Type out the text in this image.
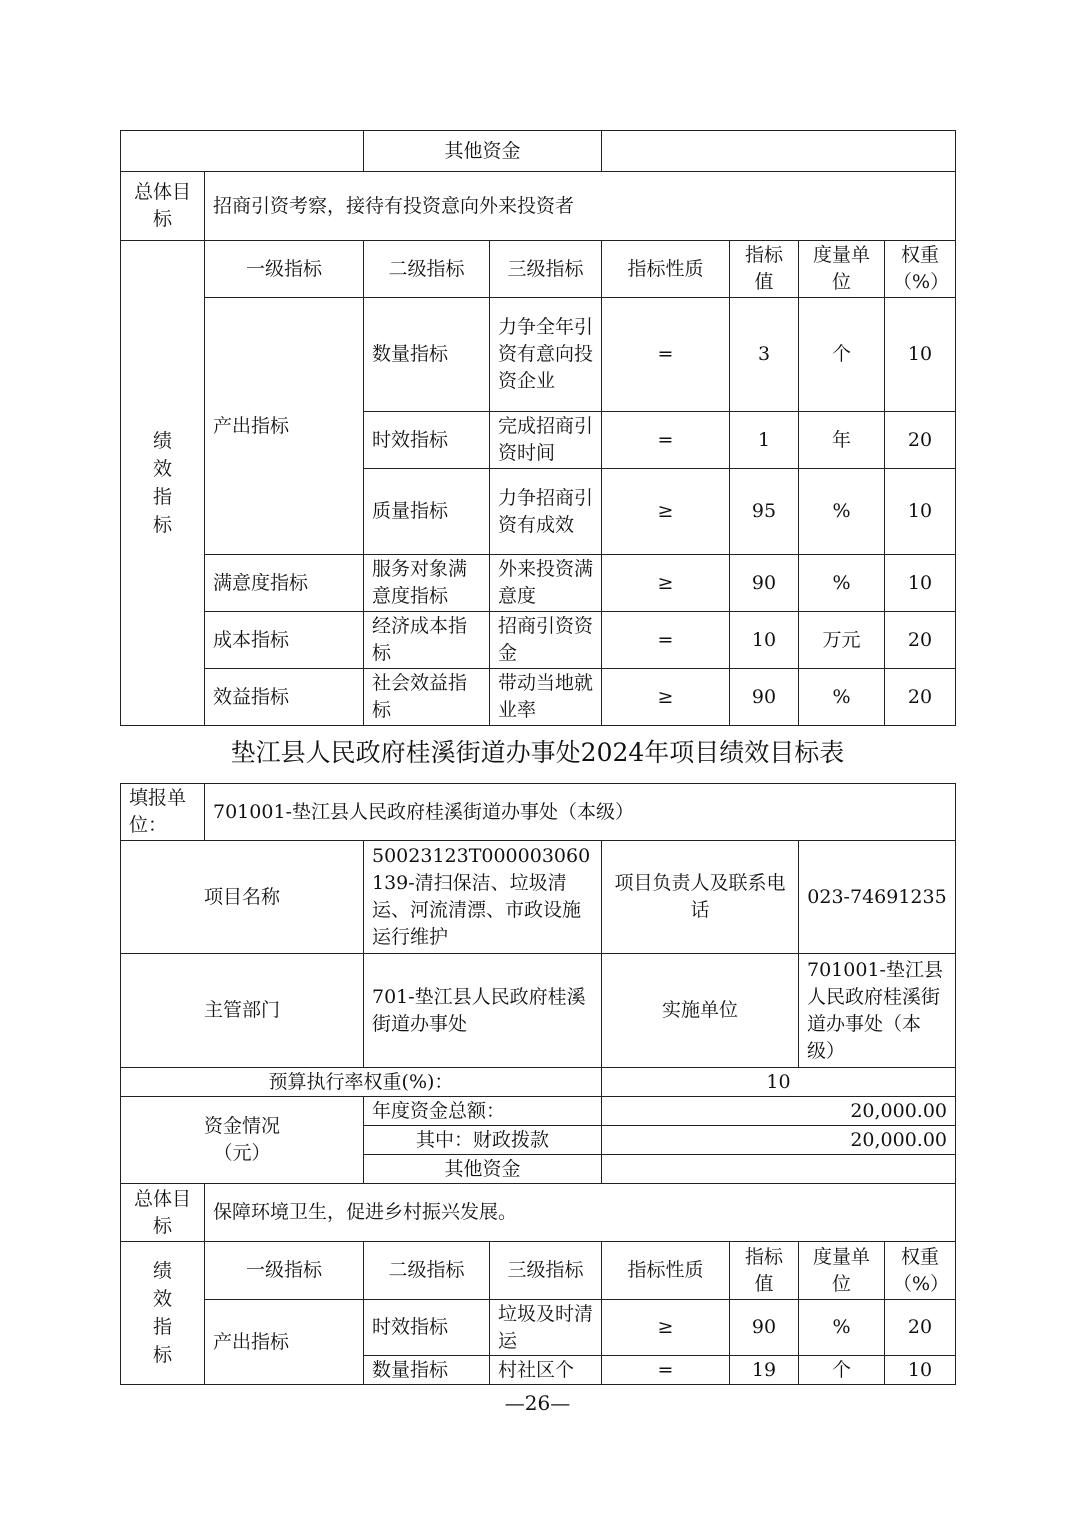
		其他资金					
总体目标	招商引资考察，接待有投资意向外来投资者						
绩效指标	一级指标	二级指标	三级指标	指标性质	指标值	度量单位	权重（%）
	产出指标	数量指标	力争全年引资有意向投资企业	=	3	个	10
		时效指标	完成招商引资时间	=	1	年	20
		质量指标	力争招商引资有成效	≥	95	%	10
	满意度指标	服务对象满意度指标	外来投资满意度	≥	90	%	10
	成本指标	经济成本指标	招商引资资金	=	10	万元	20
	效益指标	社会效益指标	带动当地就业率	≥	90	%	20
垫江县人民政府桂溪街道办事处2024年项目绩效目标表
填报单位：	701001-垫江县人民政府桂溪街道办事处（本级）						
项目名称		50023123T000003060139-清扫保洁、垃圾清运、河流清漂、市政设施运行维护		项目负责人及联系电话		023-74691235	
主管部门		701-垫江县人民政府桂溪街道办事处		实施单位		701001-垫江县人民政府桂溪街道办事处（本级）	
预算执行率权重(%)：				10			

资金情况
（元）		年度资金总额：		20,000.00			
		其中：财政拨款		20,000.00			
		其他资金					
总体目标	保障环境卫生，促进乡村振兴发展。						
绩效指标	一级指标	二级指标	三级指标	指标性质	指标值	度量单位	权重（%）
	产出指标	时效指标	垃圾及时清运	≥	90	%	20
		数量指标	村社区个	=	19	个	10
—26—
